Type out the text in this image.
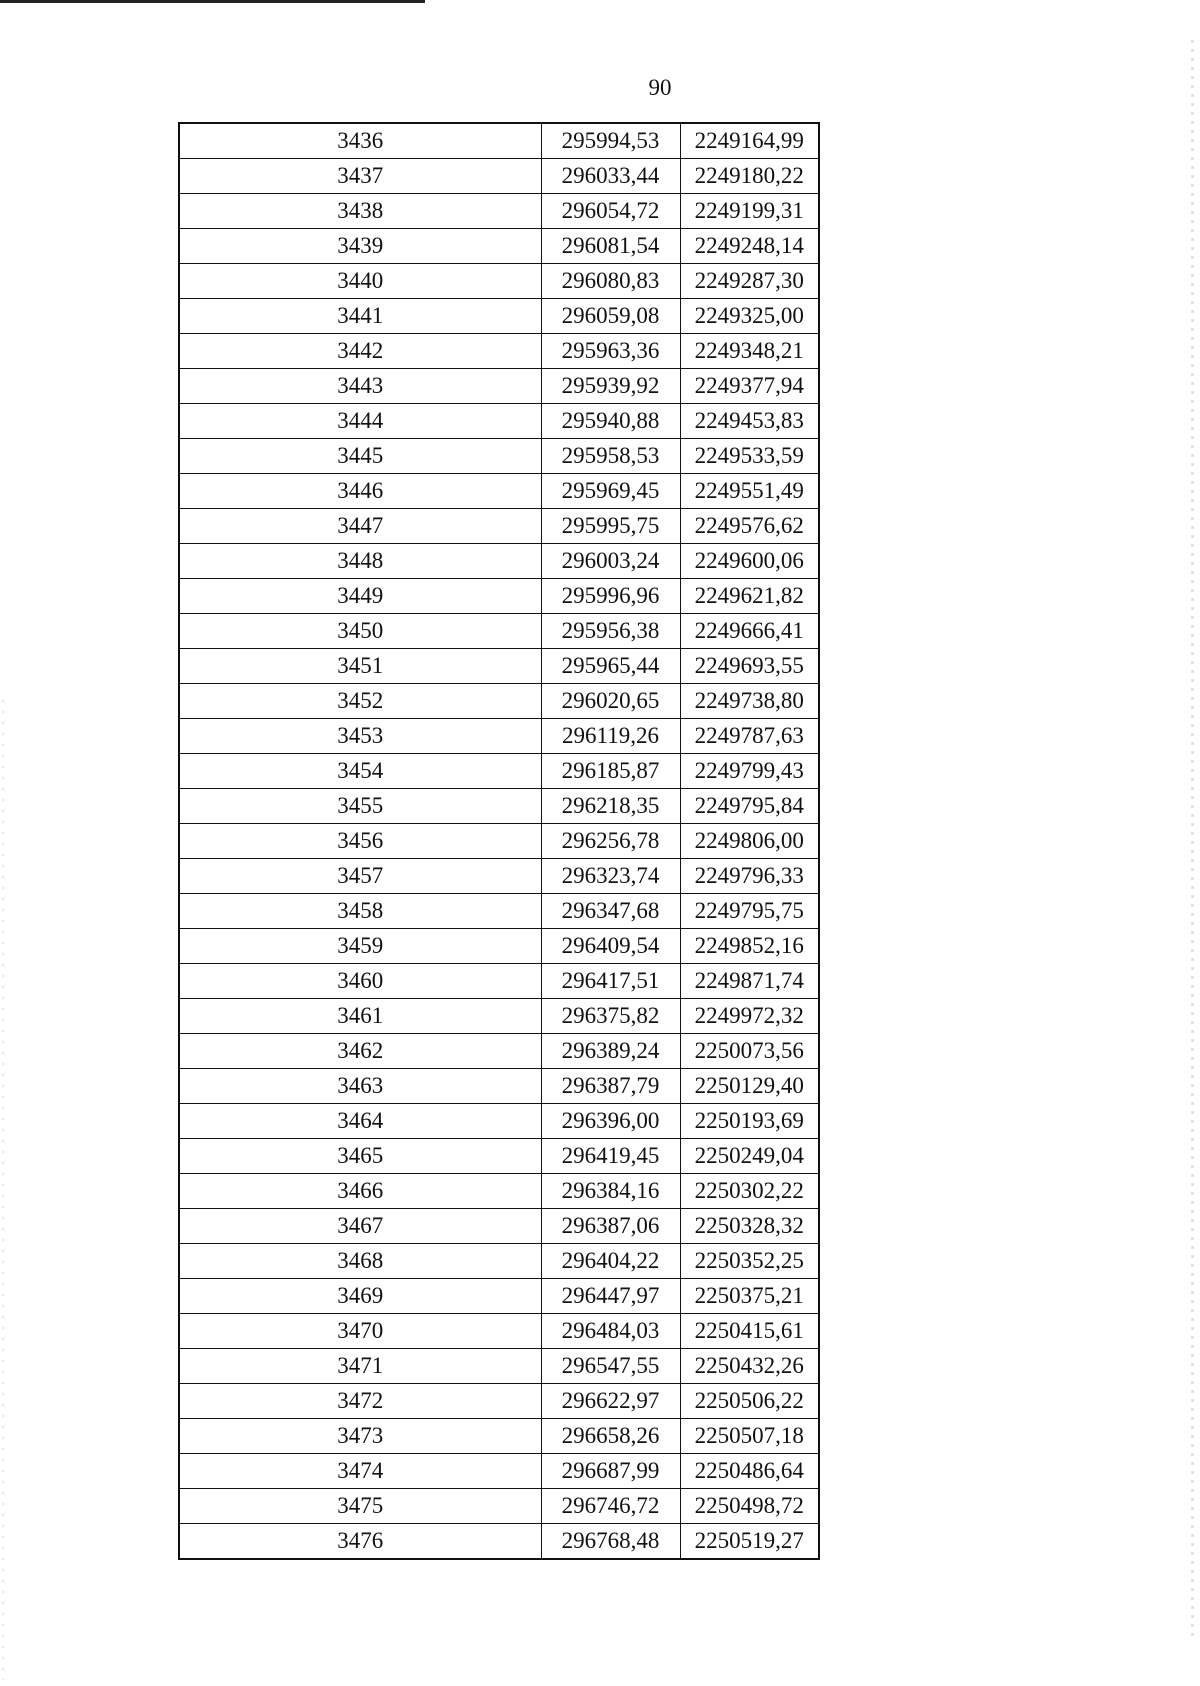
90
3436	295994,53	2249164,99
3437	296033,44	2249180,22
3438	296054,72	2249199,31
3439	296081,54	2249248,14
3440	296080,83	2249287,30
3441	296059,08	2249325,00
3442	295963,36	2249348,21
3443	295939,92	2249377,94
3444	295940,88	2249453,83
3445	295958,53	2249533,59
3446	295969,45	2249551,49
3447	295995,75	2249576,62
3448	296003,24	2249600,06
3449	295996,96	2249621,82
3450	295956,38	2249666,41
3451	295965,44	2249693,55
3452	296020,65	2249738,80
3453	296119,26	2249787,63
3454	296185,87	2249799,43
3455	296218,35	2249795,84
3456	296256,78	2249806,00
3457	296323,74	2249796,33
3458	296347,68	2249795,75
3459	296409,54	2249852,16
3460	296417,51	2249871,74
3461	296375,82	2249972,32
3462	296389,24	2250073,56
3463	296387,79	2250129,40
3464	296396,00	2250193,69
3465	296419,45	2250249,04
3466	296384,16	2250302,22
3467	296387,06	2250328,32
3468	296404,22	2250352,25
3469	296447,97	2250375,21
3470	296484,03	2250415,61
3471	296547,55	2250432,26
3472	296622,97	2250506,22
3473	296658,26	2250507,18
3474	296687,99	2250486,64
3475	296746,72	2250498,72
3476	296768,48	2250519,27
